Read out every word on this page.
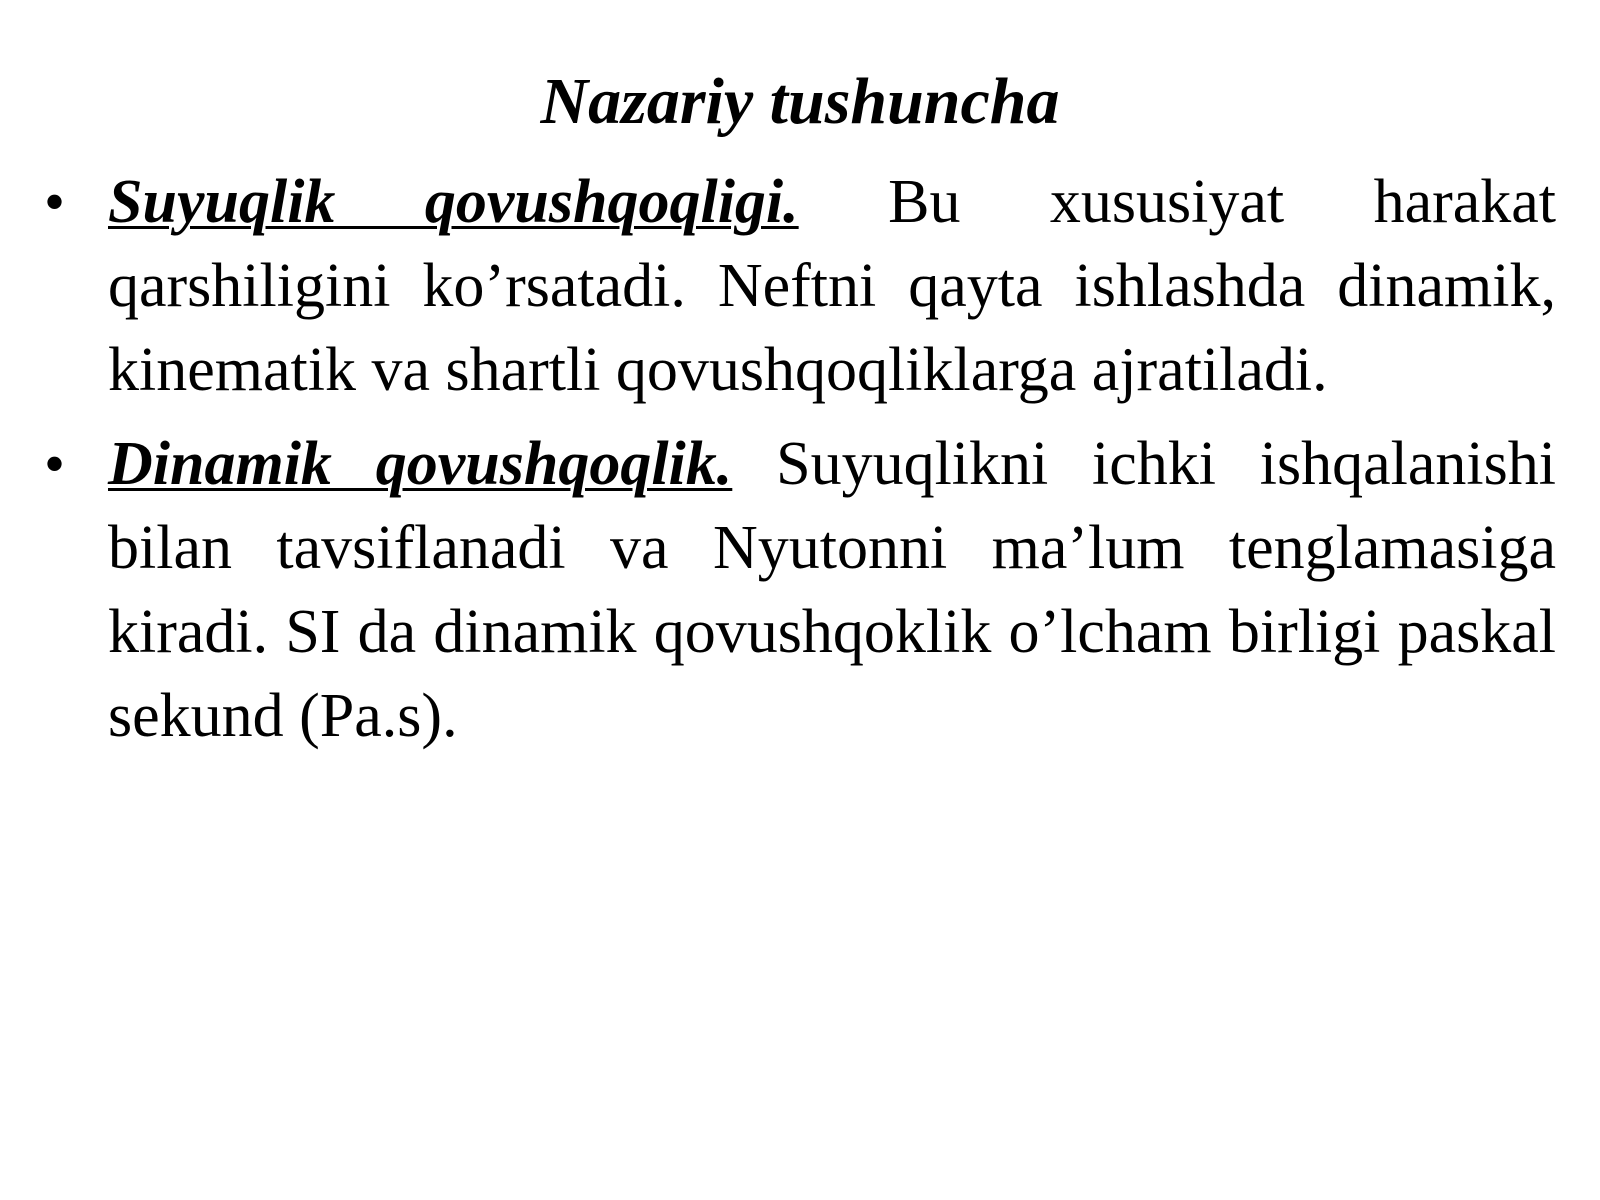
Nazariy tushuncha
• Suyuqlik qovushqoqligi. Bu xususiyat harakat qarshiligini ko’rsatadi. Neftni qayta ishlashda dinamik, kinematik va shartli qovushqoqliklarga ajratiladi.
• Dinamik qovushqoqlik. Suyuqlikni ichki ishqalanishi bilan tavsiflanadi va Nyutonni ma’lum tenglamasiga kiradi. SI da dinamik qovushqoklik o’lcham birligi paskal sekund (Pa.s).
